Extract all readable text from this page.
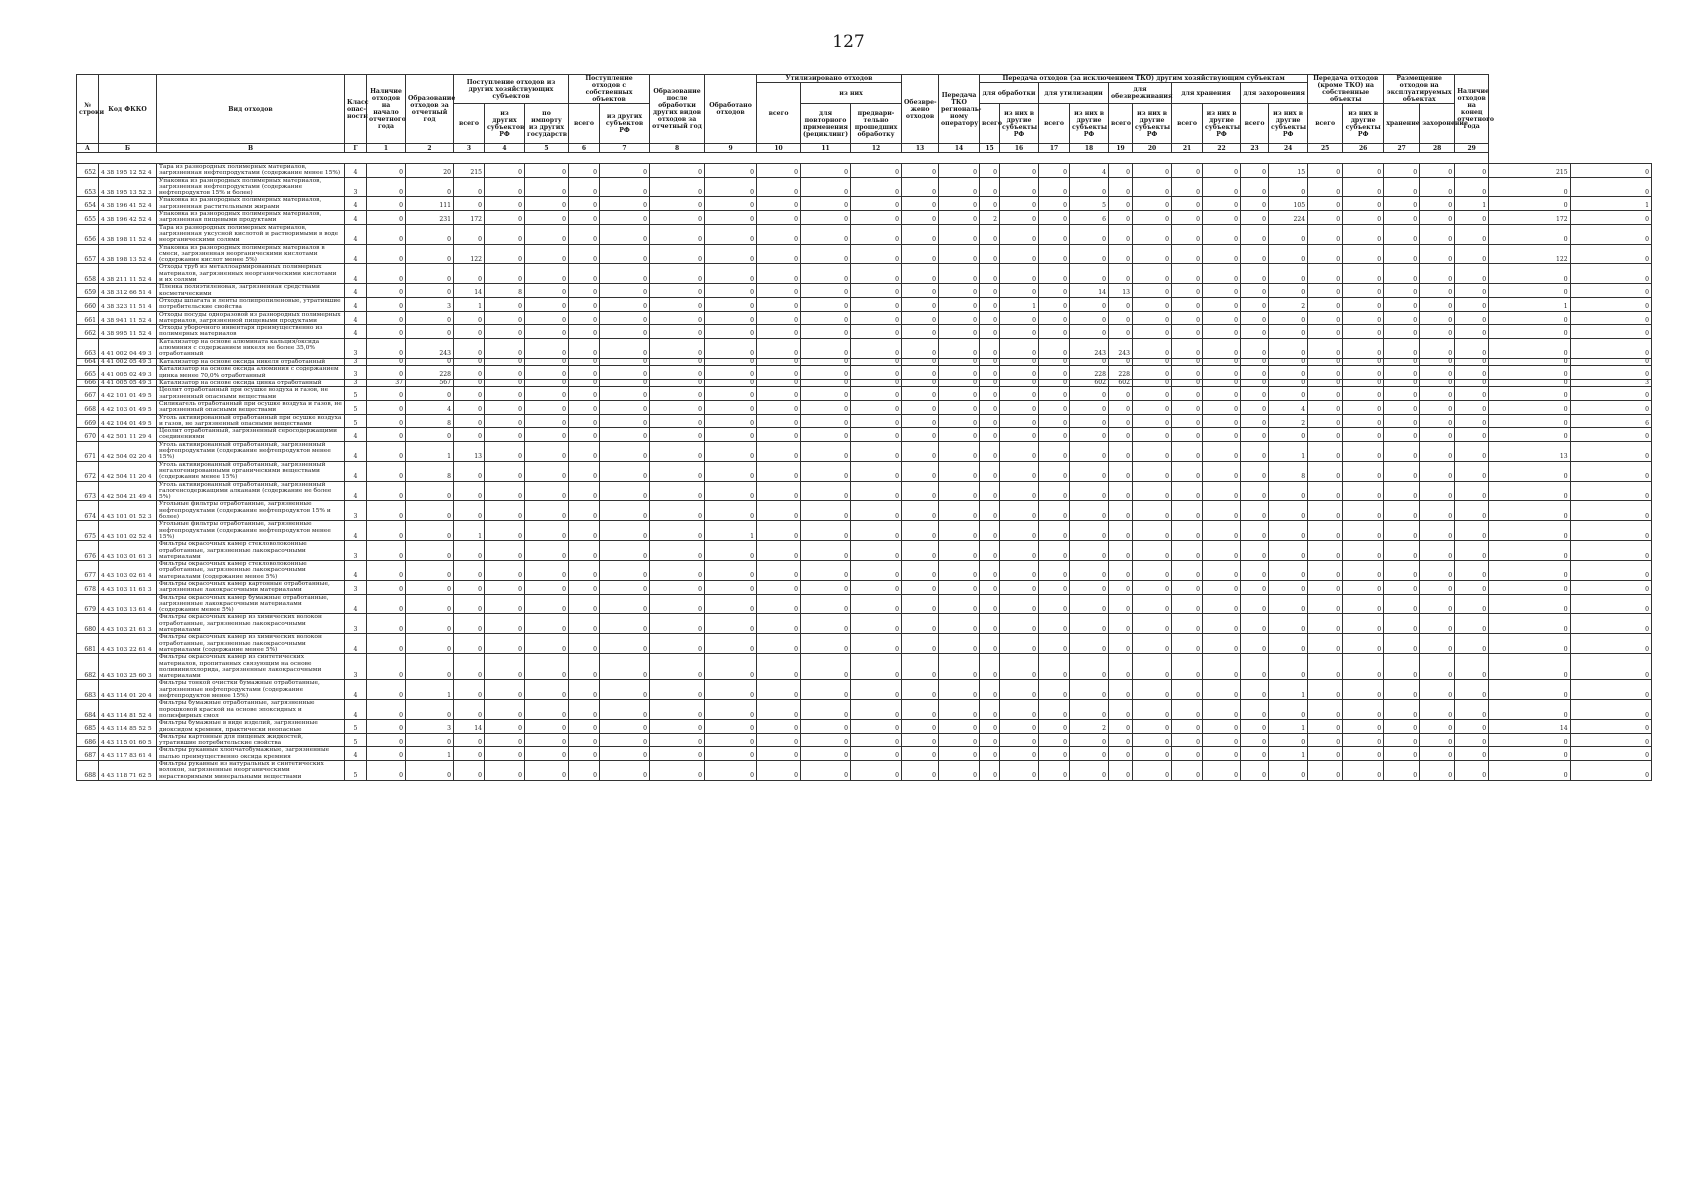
127
№ строки	Код ФККО	Вид отходов	Класс опас-ности	Наличие отходов на начало отчетного года	Образование отходов за отчетный год	Поступление отходов из других хозяйствующих субъектов			Поступление отходов с собственных объектов		Образование после обработки других видов отходов за отчетный год	Обработано отходов	Утилизировано отходов			Обезвре-жено отходов	Передача ТКО региональ-ному оператору	Передача отходов (за исключением ТКО) другим хозяйствующим субъектам										Передача отходов (кроме ТКО) на собственные объекты		Размещение отходов на эксплуатируемых объектах		Наличие отходов на конец отчетного года		
													всего	из них				для обработки		для утилизации		для обезвреживания		для хранения		для захоронения								
						всего	из других субъектов РФ	по импорту из других государств	всего	из других субъектов РФ				для повторного применения (рециклинг)	предвари-тельно прошедших обработку			всего	из них в другие субъекты РФ	всего	из них в другие субъекты РФ	всего	из них в другие субъекты РФ	всего	из них в другие субъекты РФ	всего	из них в другие субъекты РФ	всего	из них в другие субъекты РФ	хранение	захоронение			
А	Б	В	Г	1	2	3	4	5	6	7	8	9	10	11	12	13	14	15	16	17	18	19	20	21	22	23	24	25	26	27	28	29		

652	4 38 195 12 52 4	Тара из разнородных полимерных материалов, загрязненная нефтепродуктами (содержание менее 15%)	4	0	20	215	0	0	0	0	0	0	0	0	0	0	0	0	0	0	4	0	0	0	0	0	15	0	0	0	0	0	215	0
653	4 38 195 13 52 3	Упаковка из разнородных полимерных материалов, загрязненная нефтепродуктами (содержание нефтепродуктов 15% и более)	3	0	0	0	0	0	0	0	0	0	0	0	0	0	0	0	0	0	0	0	0	0	0	0	0	0	0	0	0	0	0	0
654	4 38 196 41 52 4	Упаковка из разнородных полимерных материалов, загрязненная растительными жирами	4	0	111	0	0	0	0	0	0	0	0	0	0	0	0	0	0	0	5	0	0	0	0	0	105	0	0	0	0	1	0	1
655	4 38 196 42 52 4	Упаковка из разнородных полимерных материалов, загрязненная пищевыми продуктами	4	0	231	172	0	0	0	0	0	0	0	0	0	0	0	2	0	0	6	0	0	0	0	0	224	0	0	0	0	0	172	0
656	4 38 198 11 52 4	Тара из разнородных полимерных материалов, загрязненная уксусной кислотой и растворимыми в воде неорганическими солями	4	0	0	0	0	0	0	0	0	0	0	0	0	0	0	0	0	0	0	0	0	0	0	0	0	0	0	0	0	0	0	0
657	4 38 198 13 52 4	Упаковка из разнородных полимерных материалов в смеси, загрязненная неорганическими кислотами (содержание кислот менее 5%)	4	0	0	122	0	0	0	0	0	0	0	0	0	0	0	0	0	0	0	0	0	0	0	0	0	0	0	0	0	0	122	0
658	4 38 211 11 52 4	Отходы труб из металлоармированных полимерных материалов, загрязненных неорганическими кислотами и их солями	4	0	0	0	0	0	0	0	0	0	0	0	0	0	0	0	0	0	0	0	0	0	0	0	0	0	0	0	0	0	0	0
659	4 38 312 66 51 4	Пленка полиэтиленовая, загрязненная средствами косметическими	4	0	0	14	8	0	0	0	0	0	0	0	0	0	0	0	0	0	14	13	0	0	0	0	0	0	0	0	0	0	0	0
660	4 38 323 11 51 4	Отходы шпагата и ленты полипропиленовые, утратившие потребительские свойства	4	0	3	1	0	0	0	0	0	0	0	0	0	0	0	0	1	0	0	0	0	0	0	0	2	0	0	0	0	0	1	0
661	4 38 941 11 52 4	Отходы посуды одноразовой из разнородных полимерных материалов, загрязненной пищевыми продуктами	4	0	0	0	0	0	0	0	0	0	0	0	0	0	0	0	0	0	0	0	0	0	0	0	0	0	0	0	0	0	0	0
662	4 38 995 11 52 4	Отходы уборочного инвентаря преимущественно из полимерных материалов	4	0	0	0	0	0	0	0	0	0	0	0	0	0	0	0	0	0	0	0	0	0	0	0	0	0	0	0	0	0	0	0
663	4 41 002 04 49 3	Катализатор на основе алюмината кальция/оксида алюминия с содержанием никеля не более 35,0% отработанный	3	0	243	0	0	0	0	0	0	0	0	0	0	0	0	0	0	0	243	243	0	0	0	0	0	0	0	0	0	0	0	0
664	4 41 002 05 49 3	Катализатор на основе оксида никеля отработанный	3	0	0	0	0	0	0	0	0	0	0	0	0	0	0	0	0	0	0	0	0	0	0	0	0	0	0	0	0	0	0	0
665	4 41 005 02 49 3	Катализатор на основе оксида алюминия с содержанием цинка менее 70,0% отработанный	3	0	228	0	0	0	0	0	0	0	0	0	0	0	0	0	0	0	228	228	0	0	0	0	0	0	0	0	0	0	0	0
666	4 41 005 05 49 3	Катализатор на основе оксида цинка отработанный	3	37	567	0	0	0	0	0	0	0	0	0	0	0	0	0	0	0	602	602	0	0	0	0	0	0	0	0	0	0	0	3
667	4 42 101 01 49 5	Цеолит отработанный при осушке воздуха и газов, не загрязненный опасными веществами	5	0	0	0	0	0	0	0	0	0	0	0	0	0	0	0	0	0	0	0	0	0	0	0	0	0	0	0	0	0	0	0
668	4 42 103 01 49 5	Силикагель отработанный при осушке воздуха и газов, не загрязненный опасными веществами	5	0	4	0	0	0	0	0	0	0	0	0	0	0	0	0	0	0	0	0	0	0	0	0	4	0	0	0	0	0	0	0
669	4 42 104 01 49 5	Уголь активированный отработанный при осушке воздуха и газов, не загрязненный опасными веществами	5	0	8	0	0	0	0	0	0	0	0	0	0	0	0	0	0	0	0	0	0	0	0	0	2	0	0	0	0	0	0	6
670	4 42 501 11 29 4	Цеолит отработанный, загрязненный серосодержащими соединениями	4	0	0	0	0	0	0	0	0	0	0	0	0	0	0	0	0	0	0	0	0	0	0	0	0	0	0	0	0	0	0	0
671	4 42 504 02 20 4	Уголь активированный отработанный, загрязненный нефтепродуктами (содержание нефтепродуктов менее 15%)	4	0	1	13	0	0	0	0	0	0	0	0	0	0	0	0	0	0	0	0	0	0	0	0	1	0	0	0	0	0	13	0
672	4 42 504 11 20 4	Уголь активированный отработанный, загрязненный негалогенированными органическими веществами (содержание менее 15%)	4	0	8	0	0	0	0	0	0	0	0	0	0	0	0	0	0	0	0	0	0	0	0	0	8	0	0	0	0	0	0	0
673	4 42 504 21 49 4	Уголь активированный отработанный, загрязненный галогенсодержащими алканами (содержание не более 5%)	4	0	0	0	0	0	0	0	0	0	0	0	0	0	0	0	0	0	0	0	0	0	0	0	0	0	0	0	0	0	0	0
674	4 43 101 01 52 3	Угольные фильтры отработанные, загрязненные нефтепродуктами (содержание нефтепродуктов 15% и более)	3	0	0	0	0	0	0	0	0	0	0	0	0	0	0	0	0	0	0	0	0	0	0	0	0	0	0	0	0	0	0	0
675	4 43 101 02 52 4	Угольные фильтры отработанные, загрязненные нефтепродуктами (содержание нефтепродуктов менее 15%)	4	0	0	1	0	0	0	0	0	1	0	0	0	0	0	0	0	0	0	0	0	0	0	0	0	0	0	0	0	0	0	0
676	4 43 103 01 61 3	Фильтры окрасочных камер стекловолоконные отработанные, загрязненные лакокрасочными материалами	3	0	0	0	0	0	0	0	0	0	0	0	0	0	0	0	0	0	0	0	0	0	0	0	0	0	0	0	0	0	0	0
677	4 43 103 02 61 4	Фильтры окрасочных камер стекловолоконные отработанные, загрязненные лакокрасочными материалами (содержание менее 5%)	4	0	0	0	0	0	0	0	0	0	0	0	0	0	0	0	0	0	0	0	0	0	0	0	0	0	0	0	0	0	0	0
678	4 43 103 11 61 3	Фильтры окрасочных камер картонные отработанные, загрязненные лакокрасочными материалами	3	0	0	0	0	0	0	0	0	0	0	0	0	0	0	0	0	0	0	0	0	0	0	0	0	0	0	0	0	0	0	0
679	4 43 103 13 61 4	Фильтры окрасочных камер бумажные отработанные, загрязненные лакокрасочными материалами (содержание менее 5%)	4	0	0	0	0	0	0	0	0	0	0	0	0	0	0	0	0	0	0	0	0	0	0	0	0	0	0	0	0	0	0	0
680	4 43 103 21 61 3	Фильтры окрасочных камер из химических волокон отработанные, загрязненные лакокрасочными материалами	3	0	0	0	0	0	0	0	0	0	0	0	0	0	0	0	0	0	0	0	0	0	0	0	0	0	0	0	0	0	0	0
681	4 43 103 22 61 4	Фильтры окрасочных камер из химических волокон отработанные, загрязненные лакокрасочными материалами (содержание менее 5%)	4	0	0	0	0	0	0	0	0	0	0	0	0	0	0	0	0	0	0	0	0	0	0	0	0	0	0	0	0	0	0	0
682	4 43 103 25 60 3	Фильтры окрасочных камер из синтетических материалов, пропитанных связующим на основе поливинилхлорида, загрязненные лакокрасочными материалами	3	0	0	0	0	0	0	0	0	0	0	0	0	0	0	0	0	0	0	0	0	0	0	0	0	0	0	0	0	0	0	0
683	4 43 114 01 20 4	Фильтры тонкой очистки бумажные отработанные, загрязненные нефтепродуктами (содержание нефтепродуктов менее 15%)	4	0	1	0	0	0	0	0	0	0	0	0	0	0	0	0	0	0	0	0	0	0	0	0	1	0	0	0	0	0	0	0
684	4 43 114 81 52 4	Фильтры бумажные отработанные, загрязненные порошковой краской на основе эпоксидных и полиэфирных смол	4	0	0	0	0	0	0	0	0	0	0	0	0	0	0	0	0	0	0	0	0	0	0	0	0	0	0	0	0	0	0	0
685	4 43 114 85 52 5	Фильтры бумажные в виде изделий, загрязненные диоксидом кремния, практически неопасные	5	0	3	14	0	0	0	0	0	0	0	0	0	0	0	0	0	0	2	0	0	0	0	0	1	0	0	0	0	0	14	0
686	4 43 115 01 60 5	Фильтры картонные для пищевых жидкостей, утратившие потребительские свойства	5	0	0	0	0	0	0	0	0	0	0	0	0	0	0	0	0	0	0	0	0	0	0	0	0	0	0	0	0	0	0	0
687	4 43 117 83 61 4	Фильтры рукавные хлопчатобумажные, загрязненные пылью преимущественно оксида кремния	4	0	1	0	0	0	0	0	0	0	0	0	0	0	0	0	0	0	0	0	0	0	0	0	1	0	0	0	0	0	0	0
688	4 43 118 71 62 5	Фильтры рукавные из натуральных и синтетических волокон, загрязненные неорганическими нерастворимыми минеральными веществами	5	0	0	0	0	0	0	0	0	0	0	0	0	0	0	0	0	0	0	0	0	0	0	0	0	0	0	0	0	0	0	0
